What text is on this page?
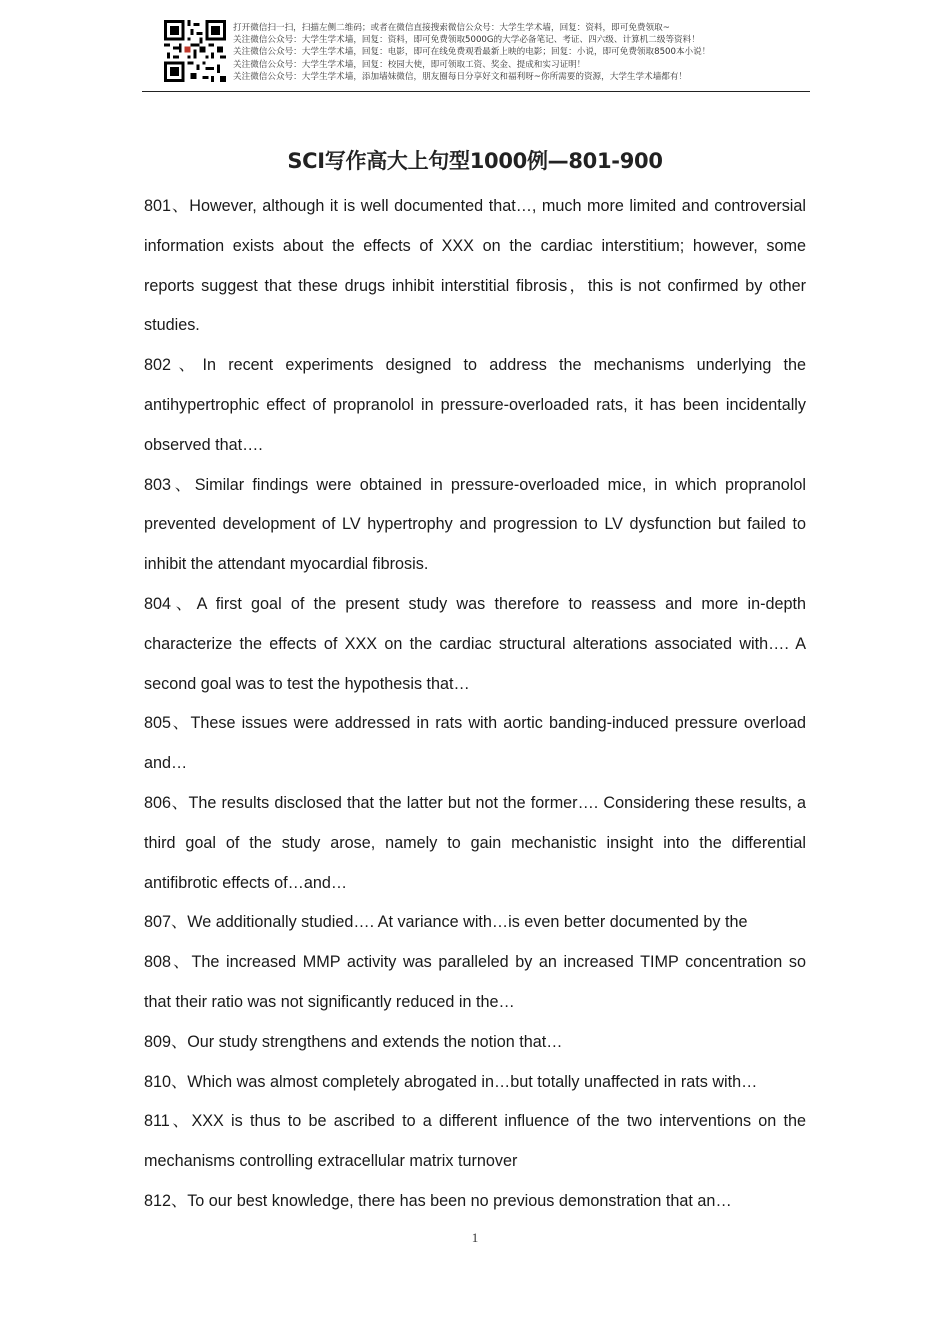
打开微信扫一扫，扫描左侧二维码；或者在微信直接搜索微信公众号：大学生学术墙，回复：资料，即可免费领取~
关注微信公众号：大学生学术墙，回复：资料，即可免费领取5000G的大学必备笔记、考证、四六级、计算机二级等资料！
关注微信公众号：大学生学术墙，回复：电影，即可在线免费观看最新上映的电影；回复：小说，即可免费领取8500本小说！
关注微信公众号：大学生学术墙，回复：校园大使，即可领取工资、奖金、提成和实习证明！
关注微信公众号：大学生学术墙，添加墙妹微信，朋友圈每日分享好文和福利呀~你所需要的资源，大学生学术墙都有！
SCI写作高大上句型1000例—801-900

801、However, although it is well documented that…, much more limited and controversial information exists about the effects of XXX on the cardiac interstitium; however, some reports suggest that these drugs inhibit interstitial fibrosis，this is not confirmed by other studies.

802、In recent experiments designed to address the mechanisms underlying the antihypertrophic effect of propranolol in pressure-overloaded rats, it has been incidentally observed that….

803、Similar findings were obtained in pressure-overloaded mice, in which propranolol prevented development of LV hypertrophy and progression to LV dysfunction but failed to inhibit the attendant myocardial fibrosis.

804、A first goal of the present study was therefore to reassess and more in-depth characterize the effects of XXX on the cardiac structural alterations associated with…. A second goal was to test the hypothesis that…

805、These issues were addressed in rats with aortic banding-induced pressure overload and…

806、The results disclosed that the latter but not the former…. Considering these results, a third goal of the study arose, namely to gain mechanistic insight into the differential antifibrotic effects of…and…

807、We additionally studied…. At variance with…is even better documented by the

808、The increased MMP activity was paralleled by an increased TIMP concentration so that their ratio was not significantly reduced in the…

809、Our study strengthens and extends the notion that…

810、Which was almost completely abrogated in…but totally unaffected in rats with…

811、XXX is thus to be ascribed to a different influence of the two interventions on the mechanisms controlling extracellular matrix turnover

812、To our best knowledge, there has been no previous demonstration that an…

1
